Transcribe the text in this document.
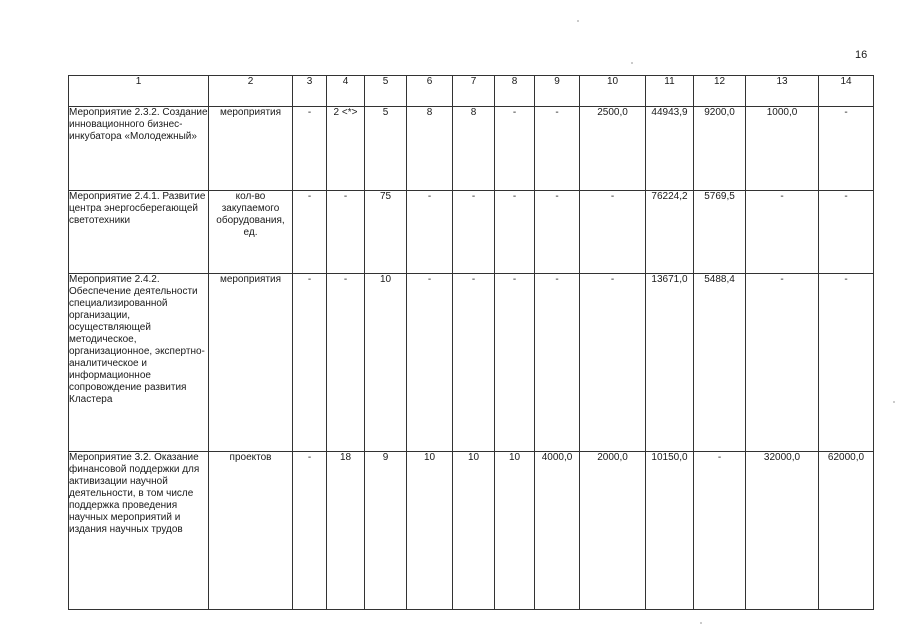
16
1	2	3	4	5	6	7	8	9	10	11	12	13	14
Мероприятие 2.3.2. Создание инновационного бизнес-инкубатора «Молодежный»	мероприятия	-	2 <*>	5	8	8	-	-	2500,0	44943,9	9200,0	1000,0	-
Мероприятие 2.4.1. Развитие центра энергосберегающей светотехники	кол-во закупаемого оборудования, ед.	-	-	75	-	-	-	-	-	76224,2	5769,5	-	-
Мероприятие 2.4.2. Обеспечение деятельности специализированной организации, осуществляющей методическое, организационное, экспертно-аналитическое и информационное сопровождение развития Кластера	мероприятия	-	-	10	-	-	-	-	-	13671,0	5488,4	-	-
Мероприятие 3.2. Оказание финансовой поддержки для активизации научной деятельности, в том числе поддержка проведения научных мероприятий и издания научных трудов	проектов	-	18	9	10	10	10	4000,0	2000,0	10150,0	-	32000,0	62000,0
